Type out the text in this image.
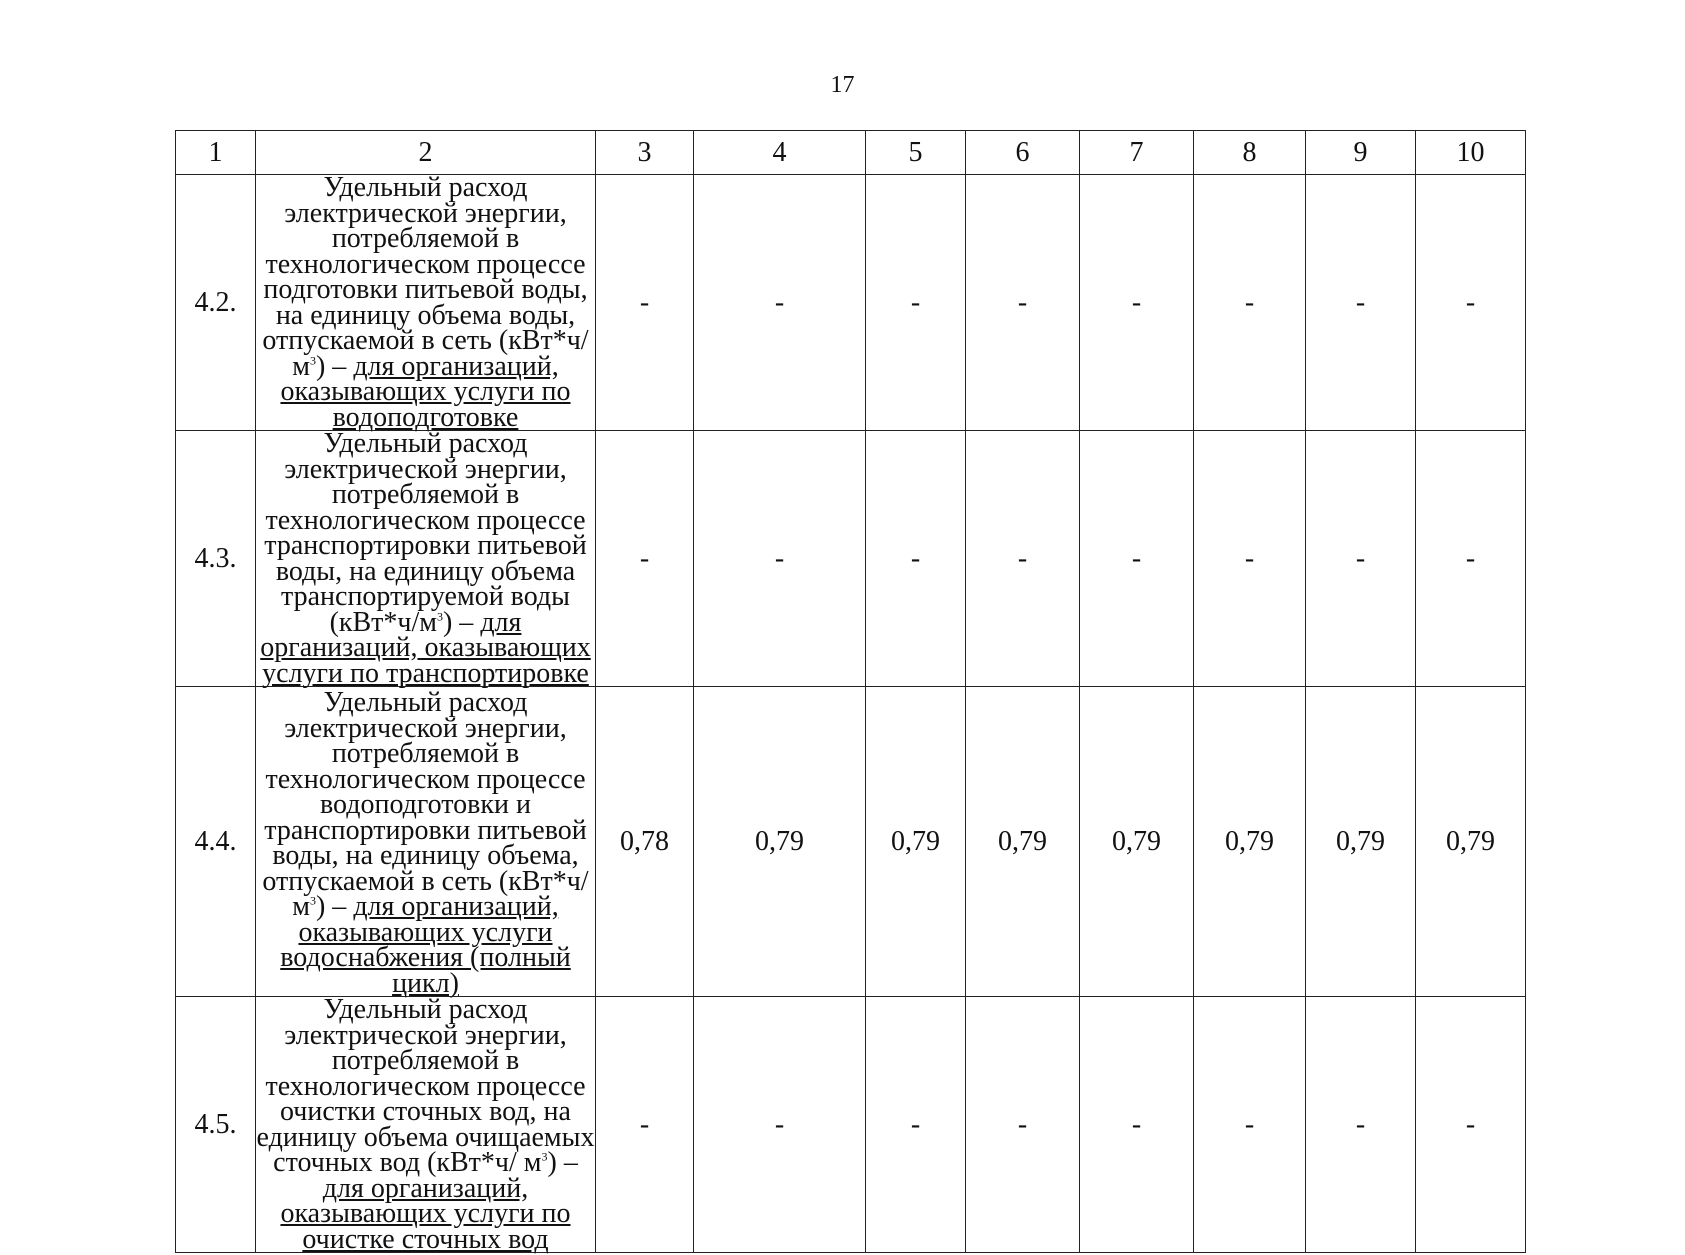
17
1	2	3	4	5	6	7	8	9	10
4.2.	Удельный расход электрической энергии, потребляемой в технологическом процессе подготовки питьевой воды, на единицу объема воды, отпускаемой в сеть $(кВт*ч/м^3)$ – для организаций, оказывающих услуги по водоподготовке	-	-	-	-	-	-	-	-
4.3.	Удельный расход электрической энергии, потребляемой в технологическом процессе транспортировки питьевой воды, на единицу объема транспортируемой воды $(кВт*ч/м^3)$ – для организаций, оказывающих услуги по транспортировке	-	-	-	-	-	-	-	-
4.4.	Удельный расход электрической энергии, потребляемой в технологическом процессе водоподготовки и транспортировки питьевой воды, на единицу объема, отпускаемой в сеть $(кВт*ч/м^3)$ – для организаций, оказывающих услуги водоснабжения (полный цикл)	0,78	0,79	0,79	0,79	0,79	0,79	0,79	0,79
4.5.	Удельный расход электрической энергии, потребляемой в технологическом процессе очистки сточных вод, на единицу объема очищаемых сточных вод (кВт*ч/ $м^3$) – для организаций, оказывающих услуги по очистке сточных вод	-	-	-	-	-	-	-	-
